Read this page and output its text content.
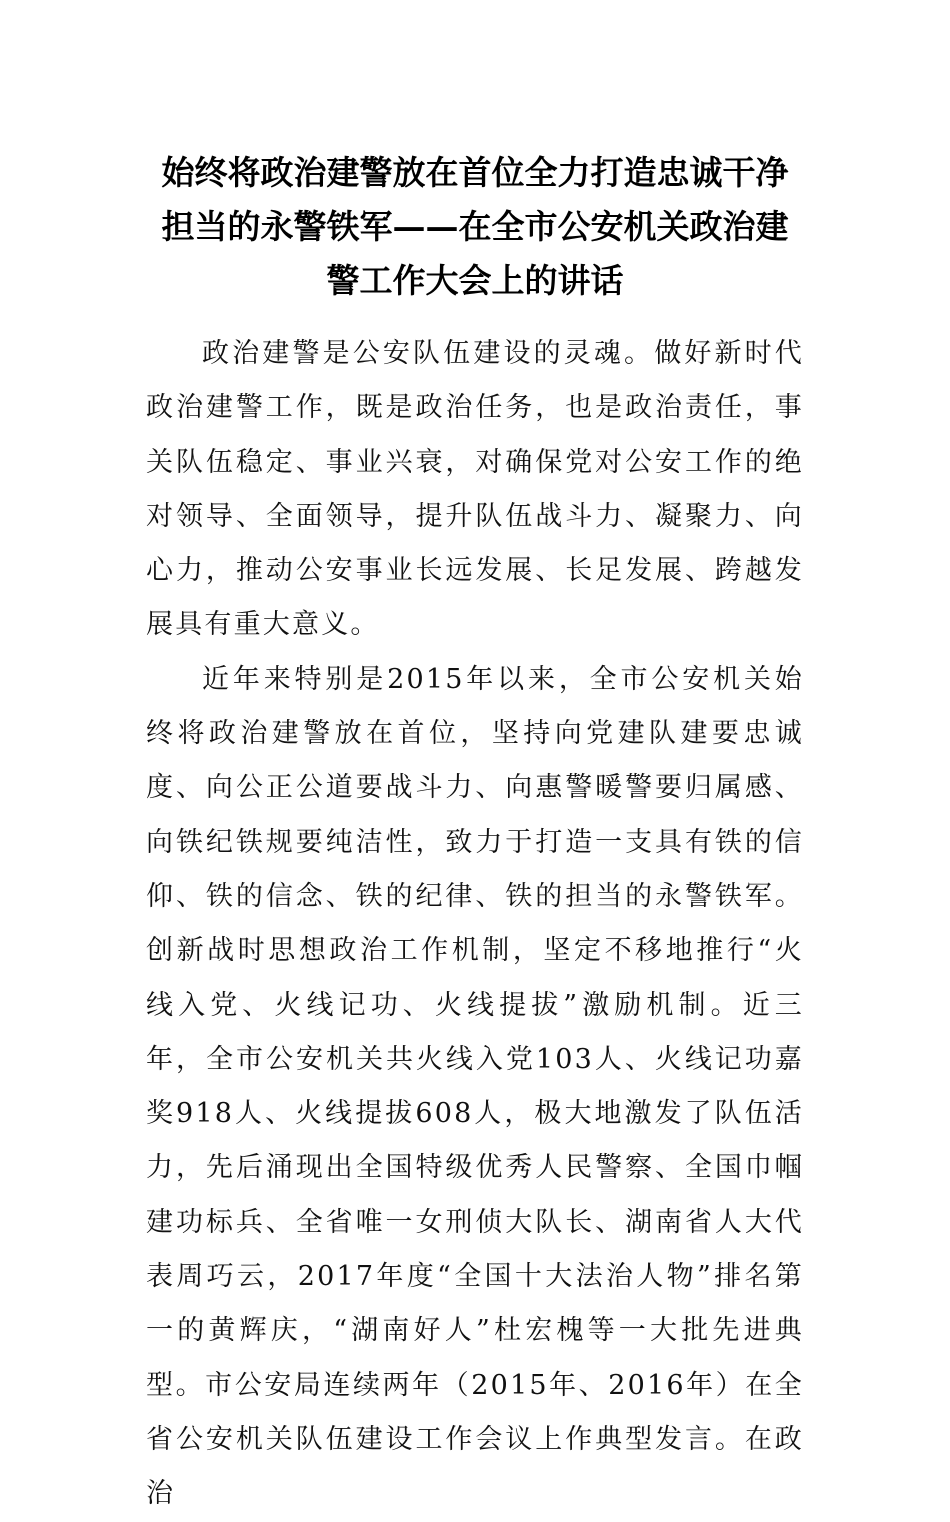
始终将政治建警放在首位全力打造忠诚干净担当的永警铁军——在全市公安机关政治建警工作大会上的讲话

政治建警是公安队伍建设的灵魂。做好新时代政治建警工作，既是政治任务，也是政治责任，事关队伍稳定、事业兴衰，对确保党对公安工作的绝对领导、全面领导，提升队伍战斗力、凝聚力、向心力，推动公安事业长远发展、长足发展、跨越发展具有重大意义。

近年来特别是2015年以来，全市公安机关始终将政治建警放在首位，坚持向党建队建要忠诚度、向公正公道要战斗力、向惠警暖警要归属感、向铁纪铁规要纯洁性，致力于打造一支具有铁的信仰、铁的信念、铁的纪律、铁的担当的永警铁军。创新战时思想政治工作机制，坚定不移地推行“火线入党、火线记功、火线提拔”激励机制。近三年，全市公安机关共火线入党103人、火线记功嘉奖918人、火线提拔608人，极大地激发了队伍活力，先后涌现出全国特级优秀人民警察、全国巾帼建功标兵、全省唯一女刑侦大队长、湖南省人大代表周巧云，2017年度“全国十大法治人物”排名第一的黄辉庆，“湖南好人”杜宏槐等一大批先进典型。市公安局连续两年（2015年、2016年）在全省公安机关队伍建设工作会议上作典型发言。在政治
